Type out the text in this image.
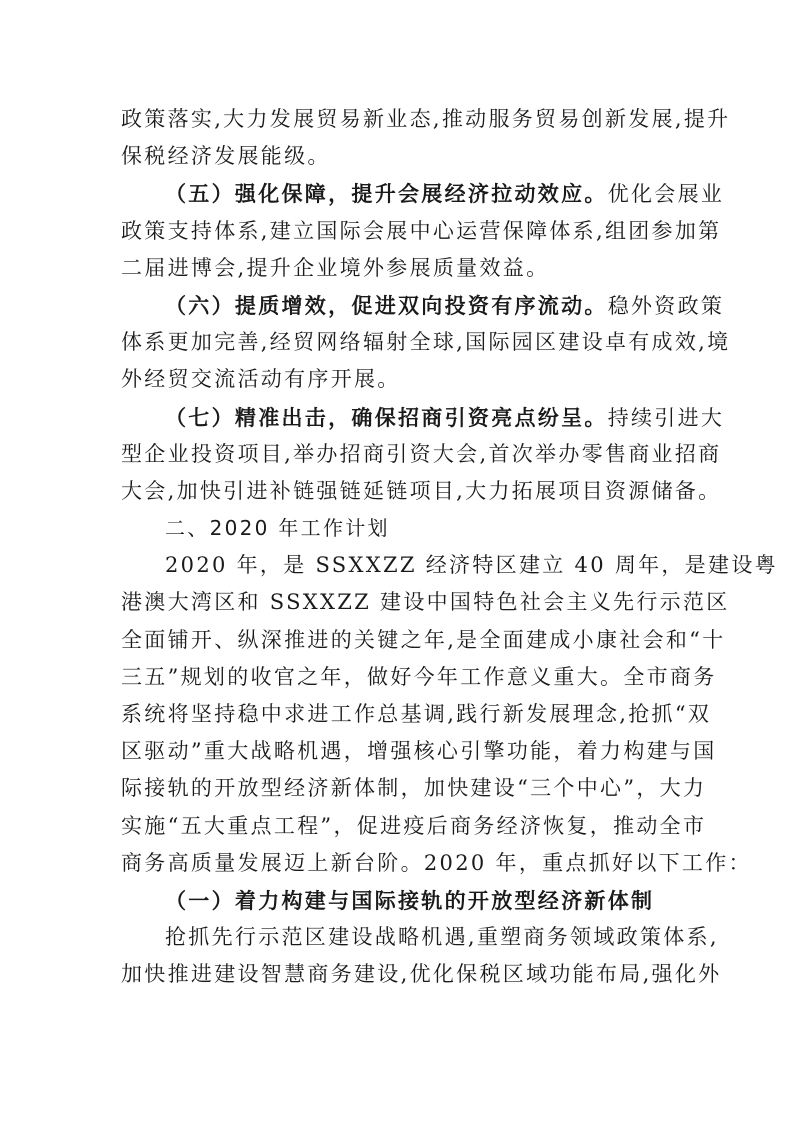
政策落实,大力发展贸易新业态,推动服务贸易创新发展,提升
保税经济发展能级。
（五）强化保障，提升会展经济拉动效应。优化会展业
政策支持体系,建立国际会展中心运营保障体系,组团参加第
二届进博会,提升企业境外参展质量效益。
（六）提质增效，促进双向投资有序流动。稳外资政策
体系更加完善,经贸网络辐射全球,国际园区建设卓有成效,境
外经贸交流活动有序开展。
（七）精准出击，确保招商引资亮点纷呈。持续引进大
型企业投资项目,举办招商引资大会,首次举办零售商业招商
大会,加快引进补链强链延链项目,大力拓展项目资源储备。
二、2020 年工作计划
2020 年，是 SSXXZZ 经济特区建立 40 周年，是建设粤
港澳大湾区和 SSXXZZ 建设中国特色社会主义先行示范区
全面铺开、纵深推进的关键之年,是全面建成小康社会和“十
三五”规划的收官之年，做好今年工作意义重大。全市商务
系统将坚持稳中求进工作总基调,践行新发展理念,抢抓“双
区驱动”重大战略机遇，增强核心引擎功能，着力构建与国
际接轨的开放型经济新体制，加快建设“三个中心”，大力
实施“五大重点工程”，促进疫后商务经济恢复，推动全市
商务高质量发展迈上新台阶。2020 年，重点抓好以下工作：
（一）着力构建与国际接轨的开放型经济新体制
抢抓先行示范区建设战略机遇,重塑商务领域政策体系,
加快推进建设智慧商务建设,优化保税区域功能布局,强化外
